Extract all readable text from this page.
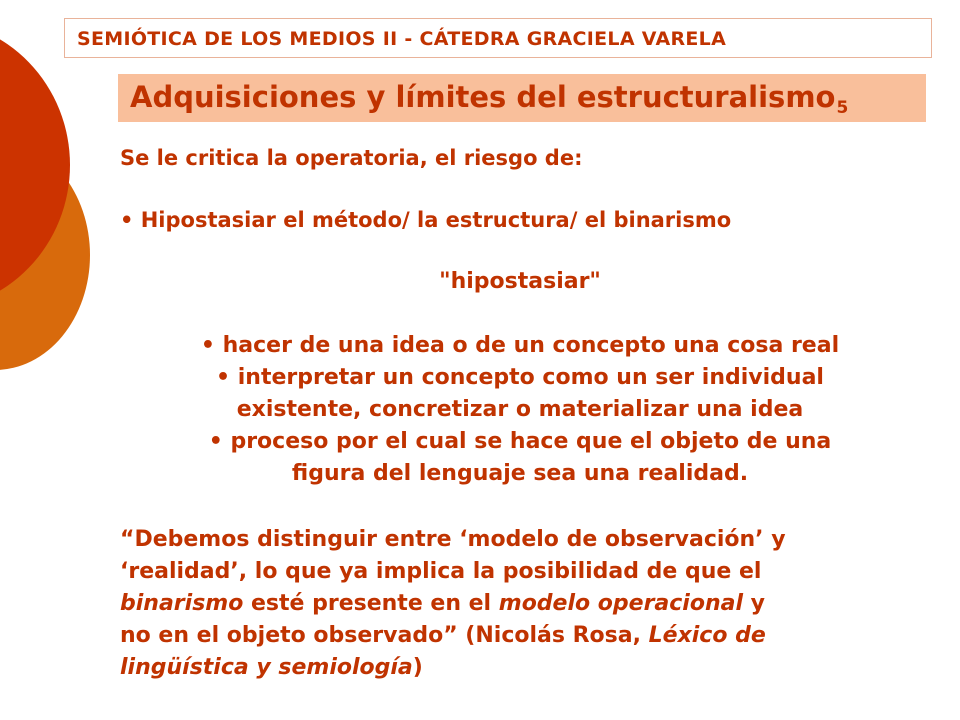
SEMIÓTICA DE LOS MEDIOS II - CÁTEDRA GRACIELA VARELA
Adquisiciones y límites del estructuralismo$_5$
Se le critica la operatoria, el riesgo de:
• Hipostasiar el método/ la estructura/ el binarismo
"hipostasiar"
• hacer de una idea o de un concepto una cosa real
• interpretar un concepto como un ser individual
existente, concretizar o materializar una idea
• proceso por el cual se hace que el objeto de una
figura del lenguaje sea una realidad.
“Debemos distinguir entre ‘modelo de observación’ y
‘realidad’, lo que ya implica la posibilidad de que el
binarismo esté presente en el modelo operacional y
no en el objeto observado” (Nicolás Rosa, Léxico de
lingüística y semiología)
